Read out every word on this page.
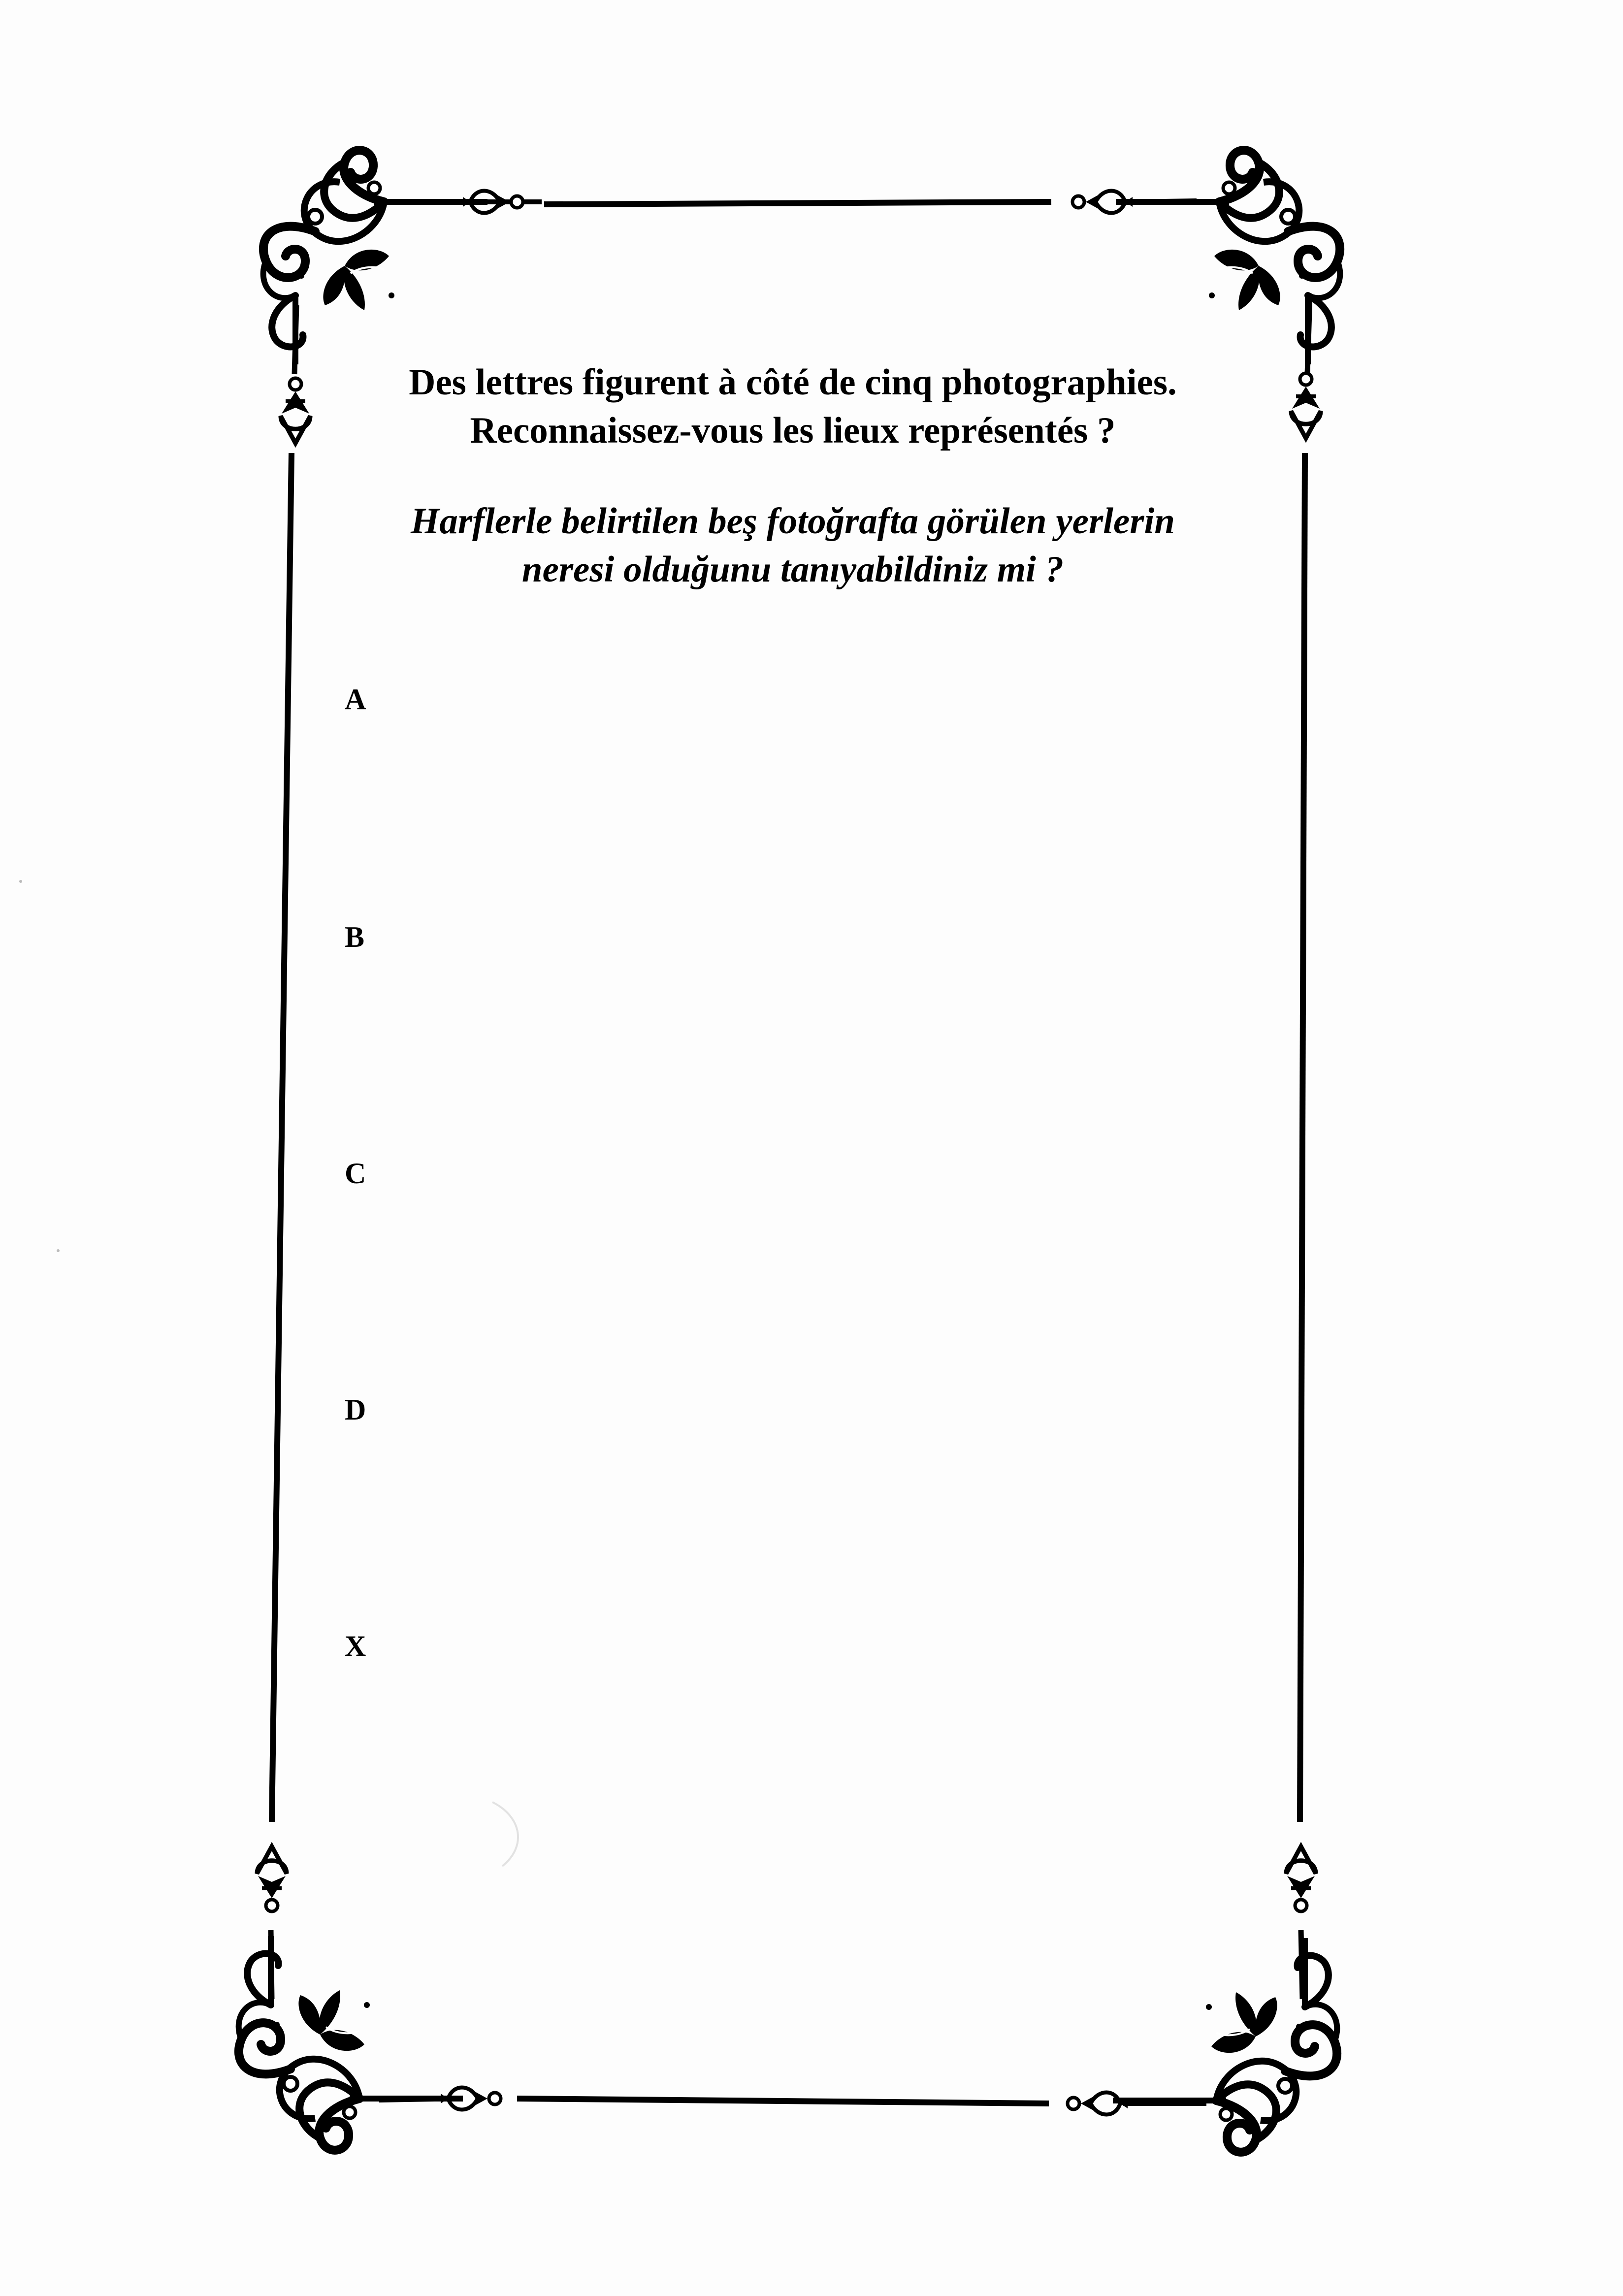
Des lettres figurent à côté de cinq photographies.
Reconnaissez-vous les lieux représentés ?
Harflerle belirtilen beş fotoğrafta görülen yerlerin
neresi olduğunu tanıyabildiniz mi ?
A
B
C
D
X
